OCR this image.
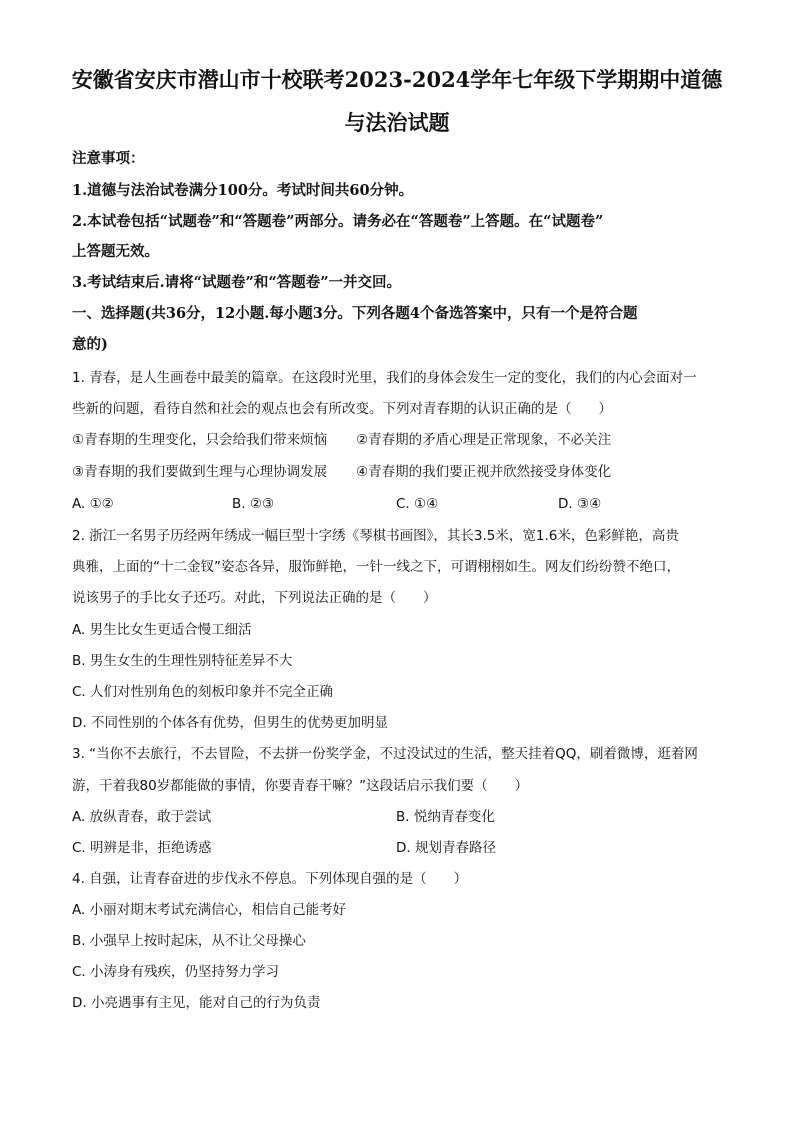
安徽省安庆市潜山市十校联考2023-2024学年七年级下学期期中道德
与法治试题
注意事项：
1.道德与法治试卷满分100分。考试时间共60分钟。
2.本试卷包括“试题卷”和“答题卷”两部分。请务必在“答题卷”上答题。在“试题卷”
上答题无效。
3.考试结束后.请将“试题卷”和“答题卷”一并交回。
一、选择题(共36分，12小题.每小题3分。下列各题4个备选答案中，只有一个是符合题
意的)
1. 青春，是人生画卷中最美的篇章。在这段时光里，我们的身体会发生一定的变化，我们的内心会面对一
些新的问题，看待自然和社会的观点也会有所改变。下列对青春期的认识正确的是（　　）
①青春期的生理变化，只会给我们带来烦恼 ②青春期的矛盾心理是正常现象，不必关注
③青春期的我们要做到生理与心理协调发展 ④青春期的我们要正视并欣然接受身体变化
A. ①②	B. ②③	C. ①④	D. ③④
2. 浙江一名男子历经两年绣成一幅巨型十字绣《琴棋书画图》，其长3.5米，宽1.6米，色彩鲜艳，高贵
典雅，上面的“十二金钗”姿态各异，服饰鲜艳，一针一线之下，可谓栩栩如生。网友们纷纷赞不绝口，
说该男子的手比女子还巧。对此，下列说法正确的是（　　）
A. 男生比女生更适合慢工细活
B. 男生女生的生理性别特征差异不大
C. 人们对性别角色的刻板印象并不完全正确
D. 不同性别的个体各有优势，但男生的优势更加明显
3. “当你不去旅行，不去冒险，不去拼一份奖学金，不过没试过的生活，整天挂着QQ，刷着微博，逛着网
游，干着我80岁都能做的事情，你要青春干嘛？”这段话启示我们要（　　）
A. 放纵青春，敢于尝试	B. 悦纳青春变化
C. 明辨是非，拒绝诱惑	D. 规划青春路径
4. 自强，让青春奋进的步伐永不停息。下列体现自强的是（　　）
A. 小丽对期末考试充满信心，相信自己能考好
B. 小强早上按时起床，从不让父母操心
C. 小涛身有残疾，仍坚持努力学习
D. 小亮遇事有主见，能对自己的行为负责
